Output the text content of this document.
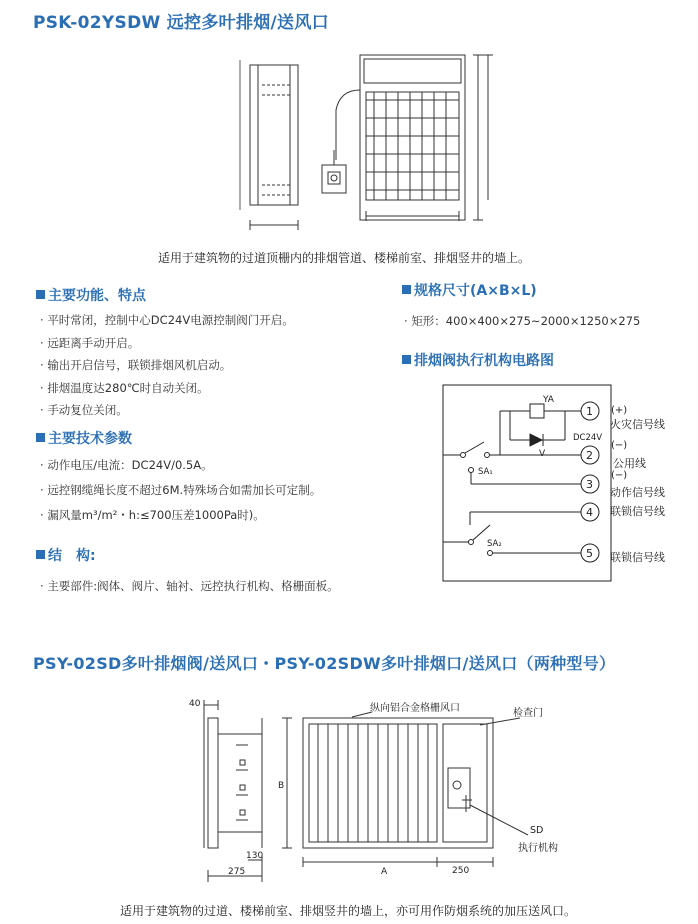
PSK-02YSDW 远控多叶排烟/送风口
适用于建筑物的过道顶栅内的排烟管道、楼梯前室、排烟竖井的墙上。
主要功能、特点
· 平时常闭，控制中心DC24V电源控制阀门开启。
· 远距离手动开启。
· 输出开启信号，联锁排烟风机启动。
· 排烟温度达280℃时自动关闭。
· 手动复位关闭。
主要技术参数
· 动作电压/电流：DC24V/0.5A。
· 远控钢缆绳长度不超过6M.特殊场合如需加长可定制。
· 漏风量m³/m²・h:≤700压差1000Pa时)。
结　构:
· 主要部件:阀体、阀片、轴衬、远控执行机构、格栅面板。
规格尺寸(A×B×L)
· 矩形：400×400×275~2000×1250×275
排烟阀执行机构电路图
YA
V
DC24V
SA₁
SA₂
1
2
3
4
5
(+)
(−)
(−)
火灾信号线
公用线
动作信号线
联锁信号线
联锁信号线
PSY-02SD多叶排烟阀/送风口・PSY-02SDW多叶排烟口/送风口（两种型号）
40
B
130
275	A	250
纵向铝合金格栅风口	检查门
SD
执行机构
适用于建筑物的过道、楼梯前室、排烟竖井的墙上，亦可用作防烟系统的加压送风口。
